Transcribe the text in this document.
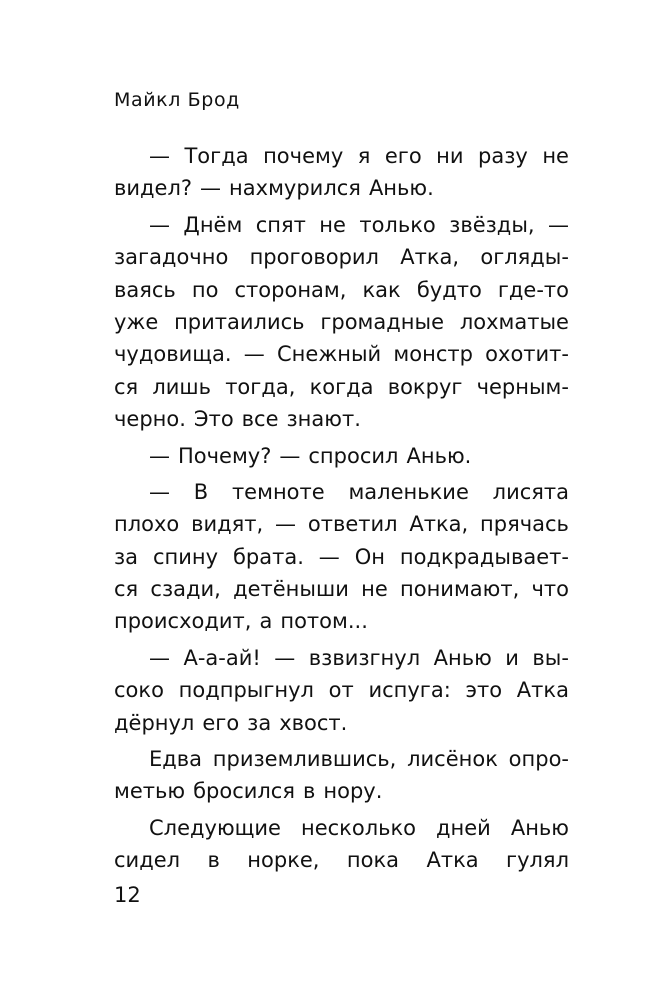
Майкл Брод
— Тогда почему я его ни разу не
видел? — нахмурился Анью.
— Днём спят не только звёзды, —
загадочно проговорил Атка, огляды-
ваясь по сторонам, как будто где-то
уже притаились громадные лохматые
чудовища. — Снежный монстр охотит-
ся лишь тогда, когда вокруг черным-
черно. Это все знают.
— Почему? — спросил Анью.
— В темноте маленькие лисята
плохо видят, — ответил Атка, прячась
за спину брата. — Он подкрадывает-
ся сзади, детёныши не понимают, что
происходит, а потом...
— А-а-ай! — взвизгнул Анью и вы-
соко подпрыгнул от испуга: это Атка
дёрнул его за хвост.
Едва приземлившись, лисёнок опро-
метью бросился в нору.
Следующие несколько дней Анью
сидел в норке, пока Атка гулял
12
